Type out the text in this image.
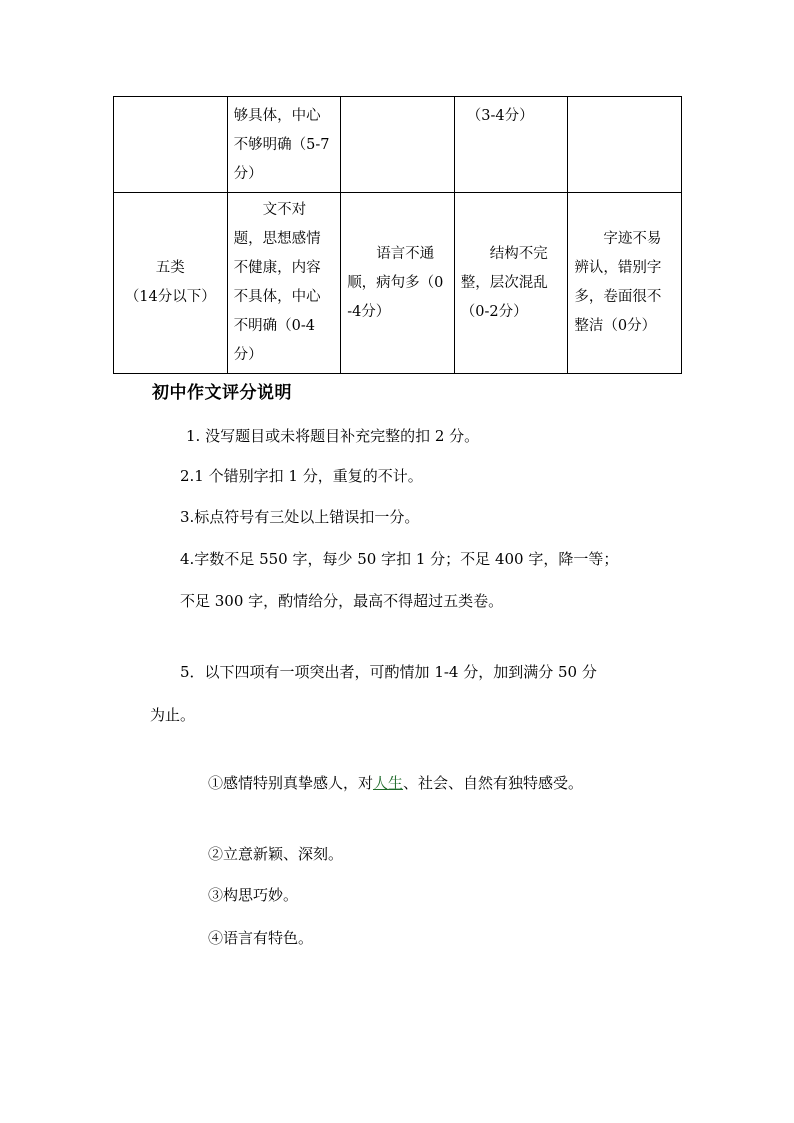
	够具体，中心不够明确（5-7分）		（3-4分）	

五类
（14分以下）	文不对题，思想感情不健康，内容不具体，中心不明确（0-4分）	语言不通顺，病句多（0-4分）	结构不完整，层次混乱（0-2分）	字迹不易辨认，错别字多，卷面很不整洁（0分）
初中作文评分说明

1. 没写题目或未将题目补充完整的扣 2 分。

2.1 个错别字扣 1 分，重复的不计。

3.标点符号有三处以上错误扣一分。

4.字数不足 550 字，每少 50 字扣 1 分；不足 400 字，降一等；

不足 300 字，酌情给分，最高不得超过五类卷。

5．以下四项有一项突出者，可酌情加 1-4 分，加到满分 50 分

为止。

①感情特别真挚感人，对人生、社会、自然有独特感受。

②立意新颖、深刻。

③构思巧妙。

④语言有特色。
